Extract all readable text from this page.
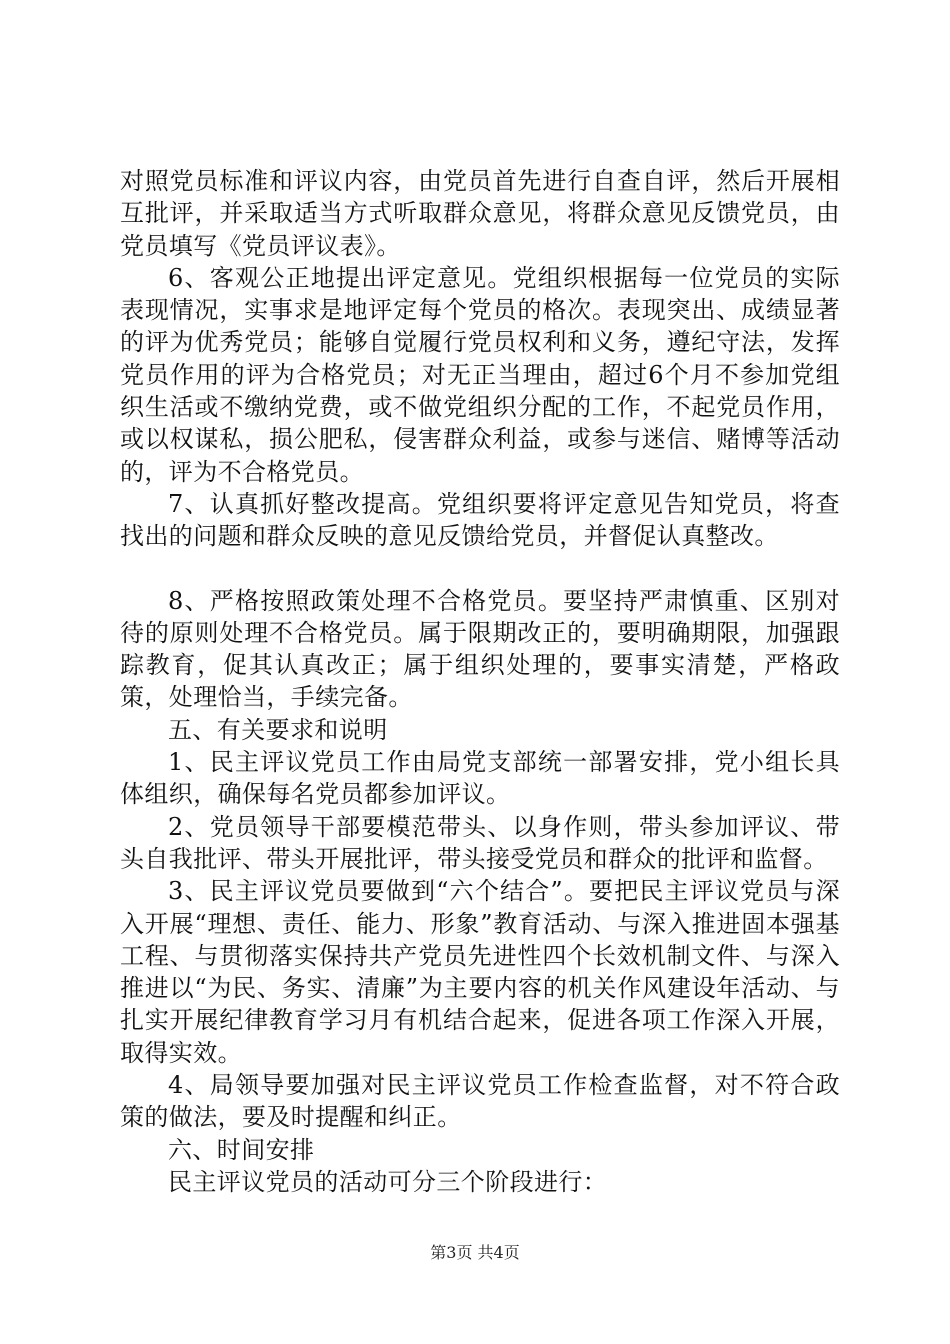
对照党员标准和评议内容，由党员首先进行自查自评，然后开展相互批评，并采取适当方式听取群众意见，将群众意见反馈党员，由党员填写《党员评议表》。

6、客观公正地提出评定意见。党组织根据每一位党员的实际表现情况，实事求是地评定每个党员的格次。表现突出、成绩显著的评为优秀党员；能够自觉履行党员权利和义务，遵纪守法，发挥党员作用的评为合格党员；对无正当理由，超过6个月不参加党组织生活或不缴纳党费，或不做党组织分配的工作，不起党员作用，或以权谋私，损公肥私，侵害群众利益，或参与迷信、赌博等活动的，评为不合格党员。

7、认真抓好整改提高。党组织要将评定意见告知党员，将查找出的问题和群众反映的意见反馈给党员，并督促认真整改。

8、严格按照政策处理不合格党员。要坚持严肃慎重、区别对待的原则处理不合格党员。属于限期改正的，要明确期限，加强跟踪教育，促其认真改正；属于组织处理的，要事实清楚，严格政策，处理恰当，手续完备。

五、有关要求和说明

1、民主评议党员工作由局党支部统一部署安排，党小组长具体组织，确保每名党员都参加评议。

2、党员领导干部要模范带头、以身作则，带头参加评议、带头自我批评、带头开展批评，带头接受党员和群众的批评和监督。

3、民主评议党员要做到“六个结合”。要把民主评议党员与深入开展“理想、责任、能力、形象”教育活动、与深入推进固本强基工程、与贯彻落实保持共产党员先进性四个长效机制文件、与深入推进以“为民、务实、清廉”为主要内容的机关作风建设年活动、与扎实开展纪律教育学习月有机结合起来，促进各项工作深入开展，取得实效。

4、局领导要加强对民主评议党员工作检查监督，对不符合政策的做法，要及时提醒和纠正。

六、时间安排

民主评议党员的活动可分三个阶段进行：

第3页 共4页
